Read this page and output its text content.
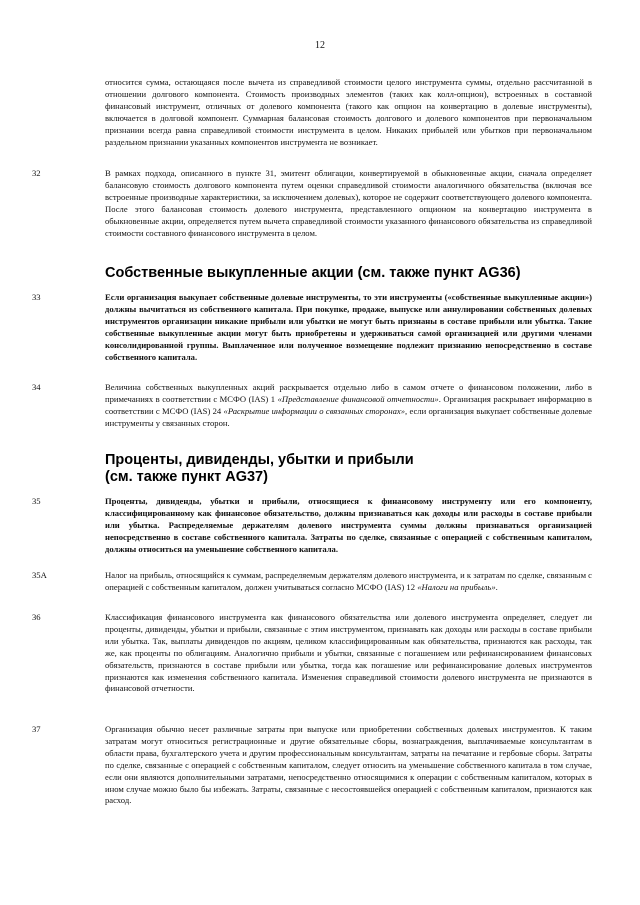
12
относится сумма, остающаяся после вычета из справедливой стоимости целого инструмента суммы, отдельно рассчитанной в отношении долгового компонента. Стоимость производных элементов (таких как колл-опцион), встроенных в составной финансовый инструмент, отличных от долевого компонента (такого как опцион на конвертацию в долевые инструменты), включается в долговой компонент. Суммарная балансовая стоимость долгового и долевого компонентов при первоначальном признании всегда равна справедливой стоимости инструмента в целом. Никаких прибылей или убытков при первоначальном раздельном признании указанных компонентов инструмента не возникает.
32	В рамках подхода, описанного в пункте 31, эмитент облигации, конвертируемой в обыкновенные акции, сначала определяет балансовую стоимость долгового компонента путем оценки справедливой стоимости аналогичного обязательства (включая все встроенные производные характеристики, за исключением долевых), которое не содержит соответствующего долевого компонента. После этого балансовая стоимость долевого инструмента, представленного опционом на конвертацию инструмента в обыкновенные акции, определяется путем вычета справедливой стоимости указанного финансового обязательства из справедливой стоимости составного финансового инструмента в целом.
Собственные выкупленные акции (см. также пункт AG36)
33	Если организация выкупает собственные долевые инструменты, то эти инструменты («собственные выкупленные акции») должны вычитаться из собственного капитала. При покупке, продаже, выпуске или аннулировании собственных долевых инструментов организации никакие прибыли или убытки не могут быть признаны в составе прибыли или убытка. Такие собственные выкупленные акции могут быть приобретены и удерживаться самой организацией или другими членами консолидированной группы. Выплаченное или полученное возмещение подлежит признанию непосредственно в составе собственного капитала.
34	Величина собственных выкупленных акций раскрывается отдельно либо в самом отчете о финансовом положении, либо в примечаниях в соответствии с МСФО (IAS) 1 «Представление финансовой отчетности». Организация раскрывает информацию в соответствии с МСФО (IAS) 24 «Раскрытие информации о связанных сторонах», если организация выкупает собственные долевые инструменты у связанных сторон.
Проценты, дивиденды, убытки и прибыли
(см. также пункт AG37)
35	Проценты, дивиденды, убытки и прибыли, относящиеся к финансовому инструменту или его компоненту, классифицированному как финансовое обязательство, должны признаваться как доходы или расходы в составе прибыли или убытка. Распределяемые держателям долевого инструмента суммы должны признаваться организацией непосредственно в составе собственного капитала. Затраты по сделке, связанные с операцией с собственным капиталом, должны относиться на уменьшение собственного капитала.
35A	Налог на прибыль, относящийся к суммам, распределяемым держателям долевого инструмента, и к затратам по сделке, связанным с операцией с собственным капиталом, должен учитываться согласно МСФО (IAS) 12 «Налоги на прибыль».
36	Классификация финансового инструмента как финансового обязательства или долевого инструмента определяет, следует ли проценты, дивиденды, убытки и прибыли, связанные с этим инструментом, признавать как доходы или расходы в составе прибыли или убытка. Так, выплаты дивидендов по акциям, целиком классифицированным как обязательства, признаются как расходы, так же, как проценты по облигациям. Аналогично прибыли и убытки, связанные с погашением или рефинансированием финансовых обязательств, признаются в составе прибыли или убытка, тогда как погашение или рефинансирование долевых инструментов признаются как изменения собственного капитала. Изменения справедливой стоимости долевого инструмента не признаются в финансовой отчетности.
37	Организация обычно несет различные затраты при выпуске или приобретении собственных долевых инструментов. К таким затратам могут относиться регистрационные и другие обязательные сборы, вознаграждения, выплачиваемые консультантам в области права, бухгалтерского учета и другим профессиональным консультантам, затраты на печатание и гербовые сборы. Затраты по сделке, связанные с операцией с собственным капиталом, следует относить на уменьшение собственного капитала в том случае, если они являются дополнительными затратами, непосредственно относящимися к операции с собственным капиталом, которых в ином случае можно было бы избежать. Затраты, связанные с несостоявшейся операцией с собственным капиталом, признаются как расход.
